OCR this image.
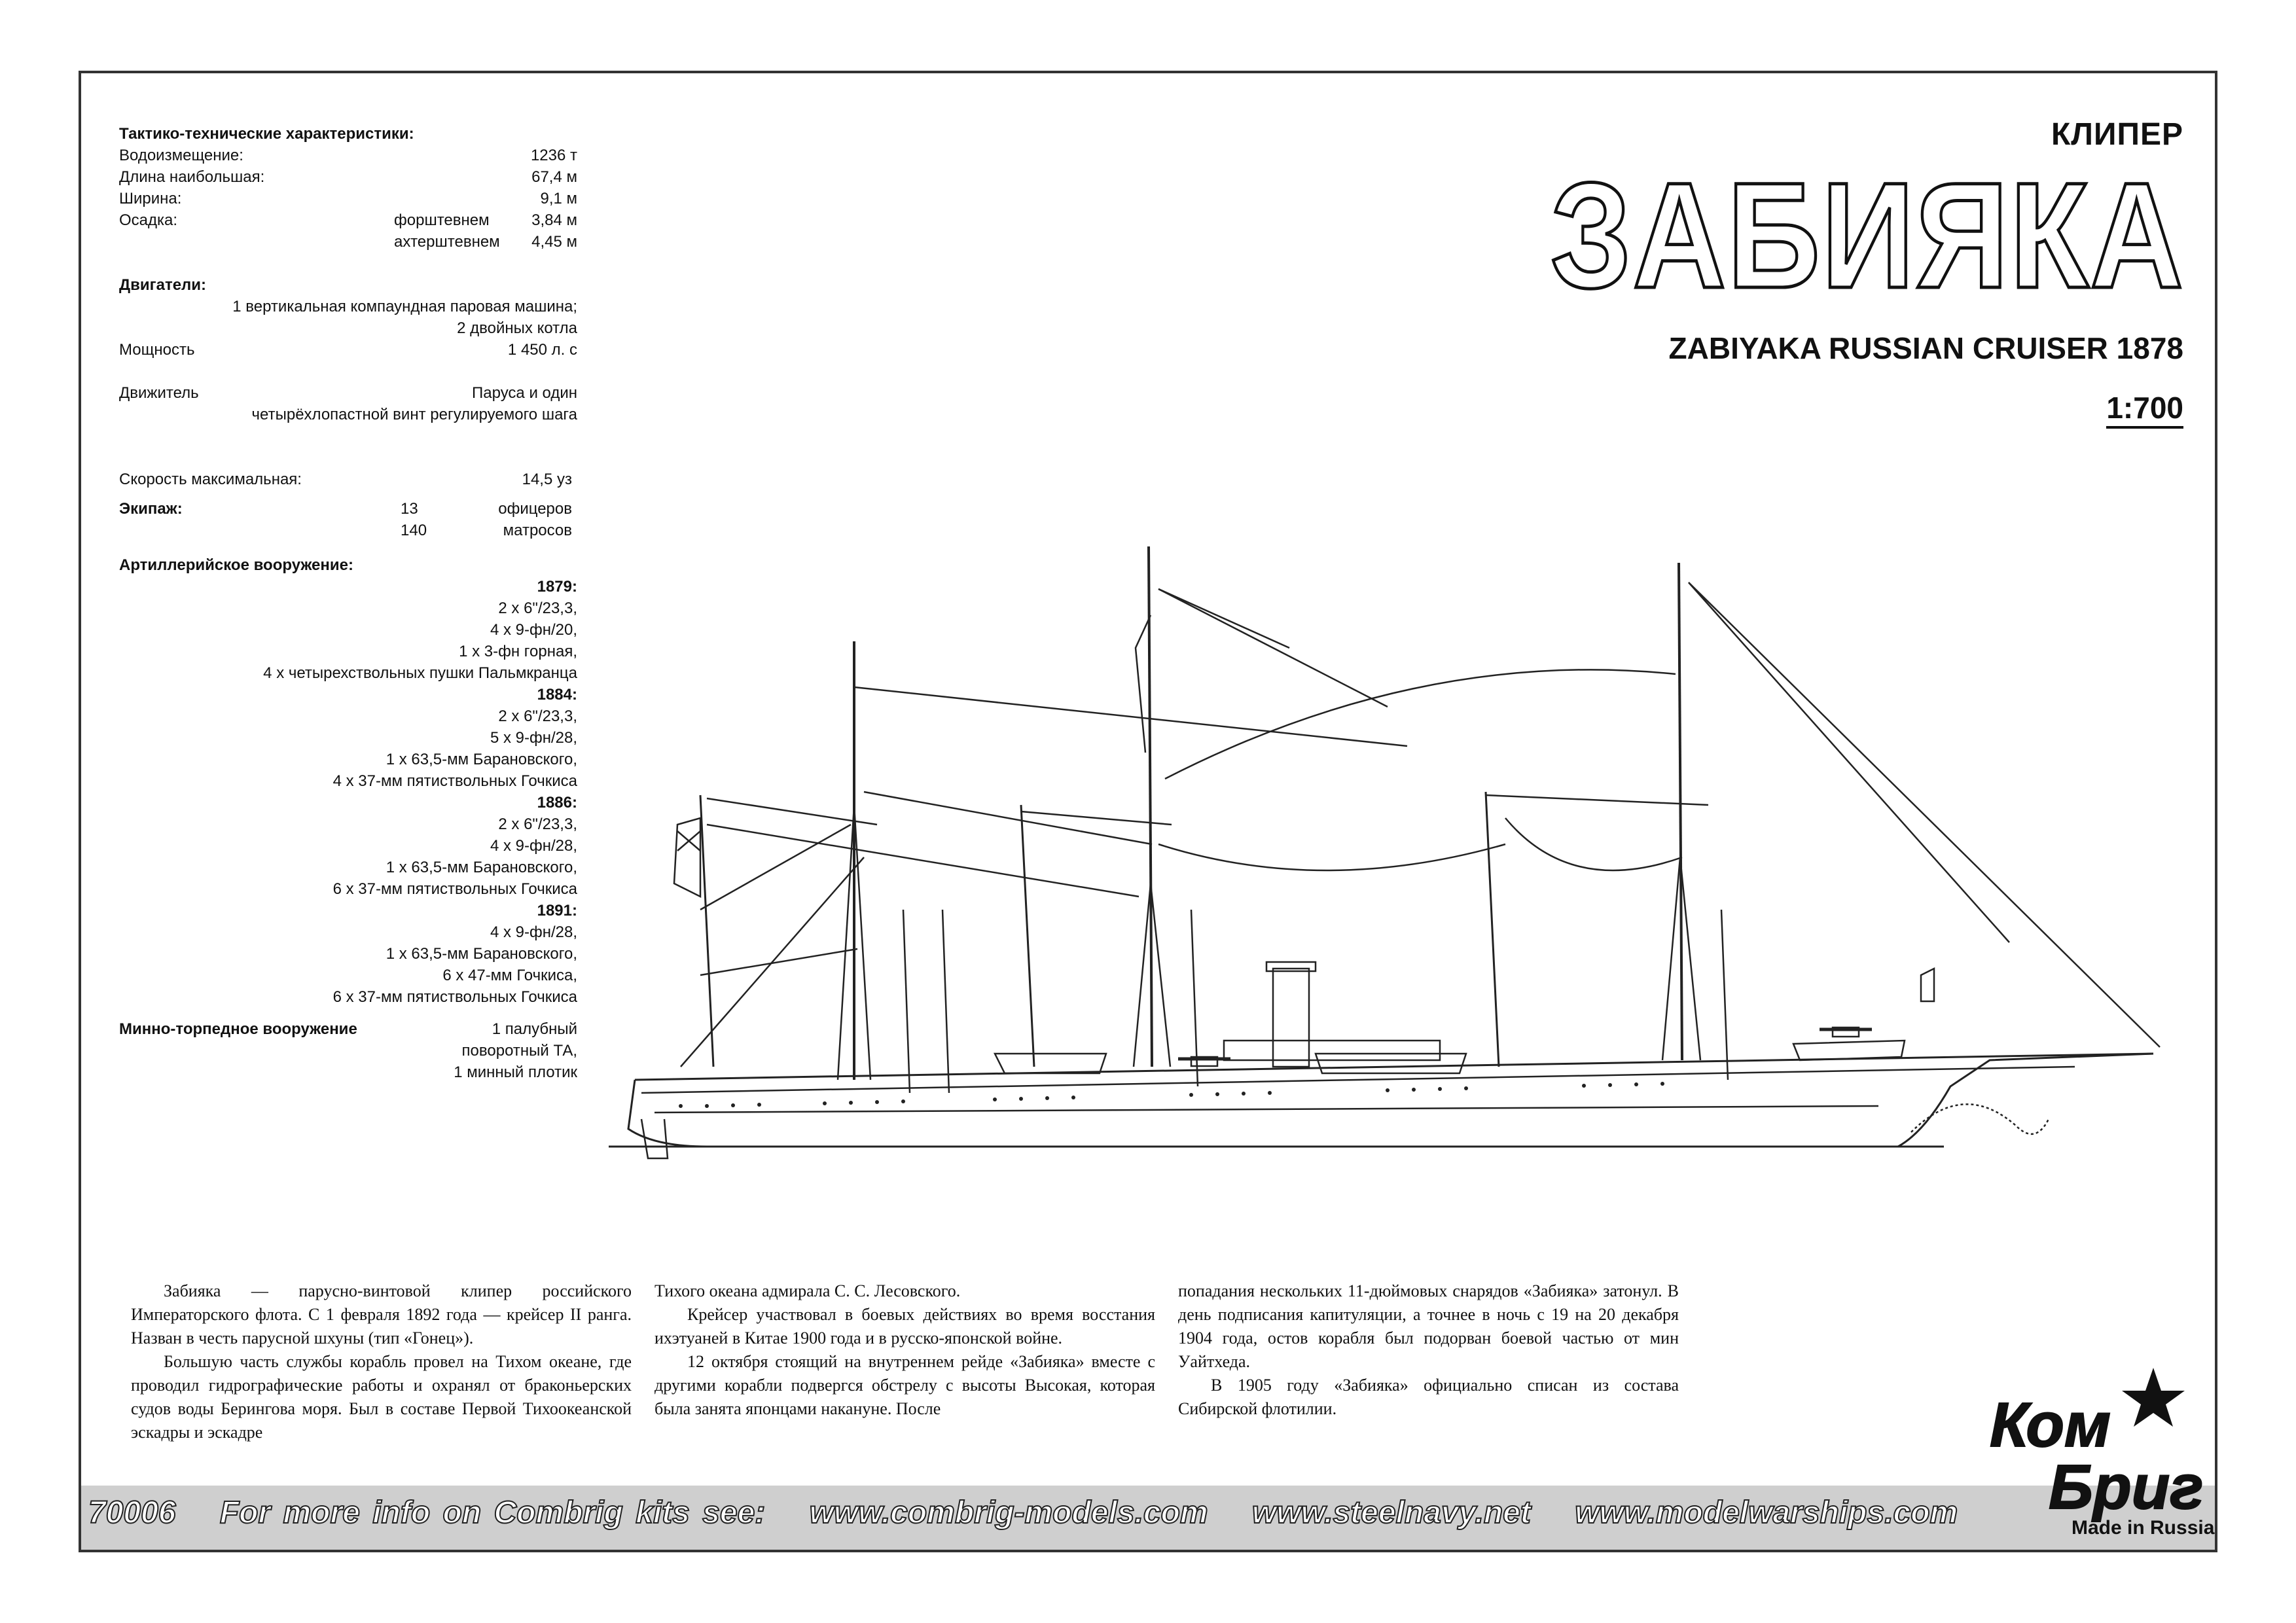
Тактико-технические характеристики:
Водоизмещение:	1236 т
Длина наибольшая:	67,4 м
Ширина:	9,1 м
Осадка:	форштевнем	3,84 м
ахтерштевнем 4,45 м
Двигатели:
1 вертикальная компаундная паровая машина;
2 двойных котла
Мощность	1 450 л. с
Движитель	Паруса и один
четырёхлопастной винт регулируемого шага
Скорость максимальная:	14,5 уз
Экипаж:	13	офицеров
140	матросов
Артиллерийское вооружение:
1879:
2 х 6"/23,3,
4 х 9-фн/20,
1 х 3-фн горная,
4 х четырехствольных пушки Пальмкранца
1884:
2 х 6"/23,3,
5 х 9-фн/28,
1 х 63,5-мм Барановского,
4 х 37-мм пятиствольных Гочкиса
1886:
2 х 6"/23,3,
4 х 9-фн/28,
1 х 63,5-мм Барановского,
6 х 37-мм пятиствольных Гочкиса
1891:
4 х 9-фн/28,
1 х 63,5-мм Барановского,
6 х 47-мм Гочкиса,
6 х 37-мм пятиствольных Гочкиса
Минно-торпедное вооружение	1 палубный
поворотный ТА,
1 минный плотик
КЛИПЕР
ЗАБИЯКА
ZABIYAKA RUSSIAN CRUISER 1878
1:700

Забияка — парусно-винтовой клипер российского Императорского флота. С 1 февраля 1892 года — крейсер II ранга. Назван в честь парусной шхуны (тип «Гонец»).

Большую часть службы корабль провел на Тихом океане, где проводил гидрографические работы и охранял от браконьерских судов воды Берингова моря. Был в составе Первой Тихоокеанской эскадры и эскадре

Тихого океана адмирала С. С. Лесовского.

Крейсер участвовал в боевых действиях во время восстания ихэтуаней в Китае 1900 года и в русско-японской войне.

12 октября стоящий на внутреннем рейде «Забияка» вместе с другими корабли подвергся обстрелу с высоты Высокая, которая была занята японцами накануне. После

попадания нескольких 11-дюймовых снарядов «Забияка» затонул. В день подписания капитуляции, а точнее в ночь с 19 на 20 декабря 1904 года, остов корабля был подорван боевой частью от мин Уайтхеда.

В 1905 году «Забияка» официально списан из состава Сибирской флотилии.

70006 For more info on Combrig kits see: www.combrig-models.com www.steelnavy.net www.modelwarships.com
Ком
Бриг
Made in Russia
